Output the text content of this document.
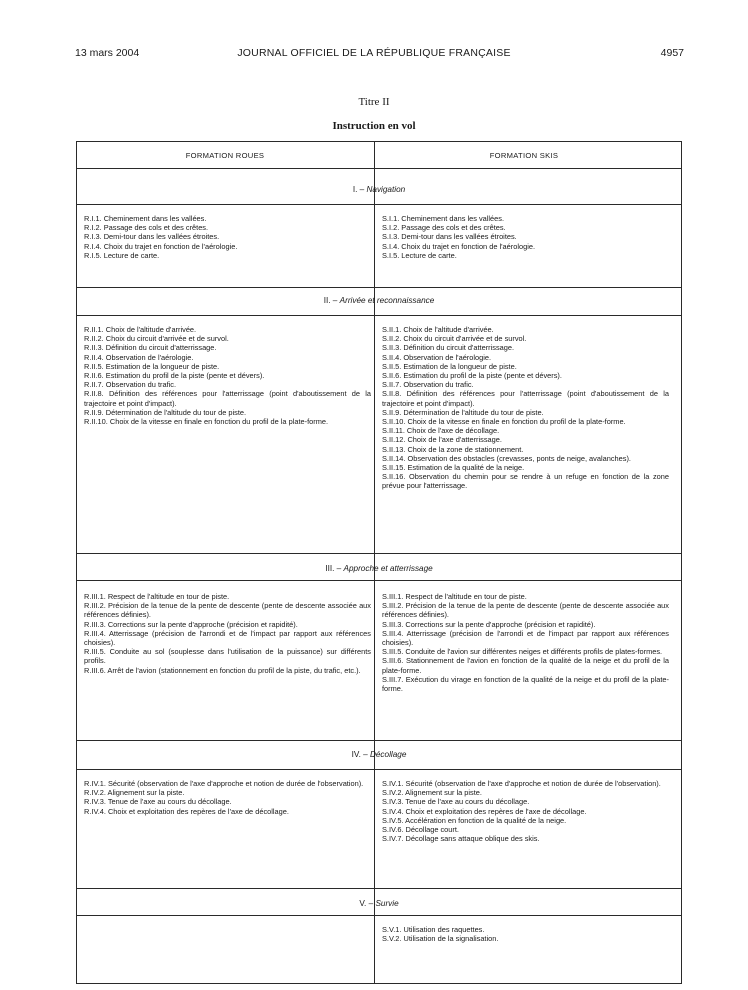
13 mars 2004	JOURNAL OFFICIEL DE LA RÉPUBLIQUE FRANÇAISE	4957
Titre II
Instruction en vol
FORMATION ROUES	FORMATION SKIS
I. – Navigation
R.I.1. Cheminement dans les vallées.
R.I.2. Passage des cols et des crêtes.
R.I.3. Demi-tour dans les vallées étroites.
R.I.4. Choix du trajet en fonction de l'aérologie.
R.I.5. Lecture de carte.
S.I.1. Cheminement dans les vallées.
S.I.2. Passage des cols et des crêtes.
S.I.3. Demi-tour dans les vallées étroites.
S.I.4. Choix du trajet en fonction de l'aérologie.
S.I.5. Lecture de carte.
II. – Arrivée et reconnaissance
R.II.1. Choix de l'altitude d'arrivée.
R.II.2. Choix du circuit d'arrivée et de survol.
R.II.3. Définition du circuit d'atterrissage.
R.II.4. Observation de l'aérologie.
R.II.5. Estimation de la longueur de piste.
R.II.6. Estimation du profil de la piste (pente et dévers).
R.II.7. Observation du trafic.
R.II.8. Définition des références pour l'atterrissage (point d'aboutissement de la trajectoire et point d'impact).
R.II.9. Détermination de l'altitude du tour de piste.
R.II.10. Choix de la vitesse en finale en fonction du profil de la plate-forme.
S.II.1. Choix de l'altitude d'arrivée.
S.II.2. Choix du circuit d'arrivée et de survol.
S.II.3. Définition du circuit d'atterrissage.
S.II.4. Observation de l'aérologie.
S.II.5. Estimation de la longueur de piste.
S.II.6. Estimation du profil de la piste (pente et dévers).
S.II.7. Observation du trafic.
S.II.8. Définition des références pour l'atterrissage (point d'aboutissement de la trajectoire et point d'impact).
S.II.9. Détermination de l'altitude du tour de piste.
S.II.10. Choix de la vitesse en finale en fonction du profil de la plate-forme.
S.II.11. Choix de l'axe de décollage.
S.II.12. Choix de l'axe d'atterrissage.
S.II.13. Choix de la zone de stationnement.
S.II.14. Observation des obstacles (crevasses, ponts de neige, avalanches).
S.II.15. Estimation de la qualité de la neige.
S.II.16. Observation du chemin pour se rendre à un refuge en fonction de la zone prévue pour l'atterrissage.
III. – Approche et atterrissage
R.III.1. Respect de l'altitude en tour de piste.
R.III.2. Précision de la tenue de la pente de descente (pente de descente associée aux références définies).
R.III.3. Corrections sur la pente d'approche (précision et rapidité).
R.III.4. Atterrissage (précision de l'arrondi et de l'impact par rapport aux références choisies).
R.III.5. Conduite au sol (souplesse dans l'utilisation de la puissance) sur différents profils.
R.III.6. Arrêt de l'avion (stationnement en fonction du profil de la piste, du trafic, etc.).
S.III.1. Respect de l'altitude en tour de piste.
S.III.2. Précision de la tenue de la pente de descente (pente de descente associée aux références définies).
S.III.3. Corrections sur la pente d'approche (précision et rapidité).
S.III.4. Atterrissage (précision de l'arrondi et de l'impact par rapport aux références choisies).
S.III.5. Conduite de l'avion sur différentes neiges et différents profils de plates-formes.
S.III.6. Stationnement de l'avion en fonction de la qualité de la neige et du profil de la plate-forme.
S.III.7. Exécution du virage en fonction de la qualité de la neige et du profil de la plate-forme.
IV. – Décollage
R.IV.1. Sécurité (observation de l'axe d'approche et notion de durée de l'observation).
R.IV.2. Alignement sur la piste.
R.IV.3. Tenue de l'axe au cours du décollage.
R.IV.4. Choix et exploitation des repères de l'axe de décollage.
S.IV.1. Sécurité (observation de l'axe d'approche et notion de durée de l'observation).
S.IV.2. Alignement sur la piste.
S.IV.3. Tenue de l'axe au cours du décollage.
S.IV.4. Choix et exploitation des repères de l'axe de décollage.
S.IV.5. Accélération en fonction de la qualité de la neige.
S.IV.6. Décollage court.
S.IV.7. Décollage sans attaque oblique des skis.
V. – Survie
S.V.1. Utilisation des raquettes.
S.V.2. Utilisation de la signalisation.
